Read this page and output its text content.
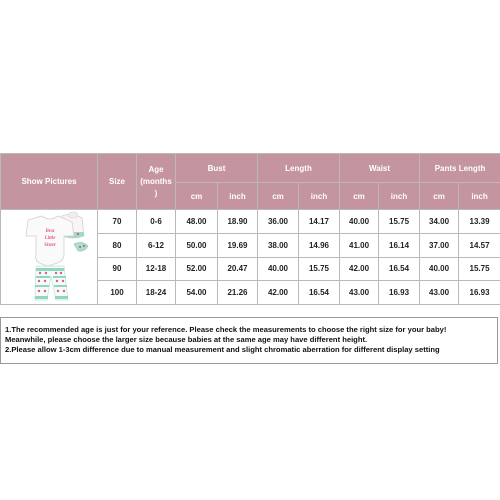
Show Pictures	Size	Age (months )	Bust		Length		Waist		Pants Length	
			cm	inch	cm	inch	cm	inch	cm	inch

Best
Little
Sister	70	0-6	48.00	18.90	36.00	14.17	40.00	15.75	34.00	13.39
	80	6-12	50.00	19.69	38.00	14.96	41.00	16.14	37.00	14.57
	90	12-18	52.00	20.47	40.00	15.75	42.00	16.54	40.00	15.75
	100	18-24	54.00	21.26	42.00	16.54	43.00	16.93	43.00	16.93
1.The recommended age is just for your reference. Please check the measurements to choose the right size for your baby!
Meanwhile, please choose the larger size because babies at the same age may have different height.
2.Please allow 1-3cm difference due to manual measurement and slight chromatic aberration for different display setting
